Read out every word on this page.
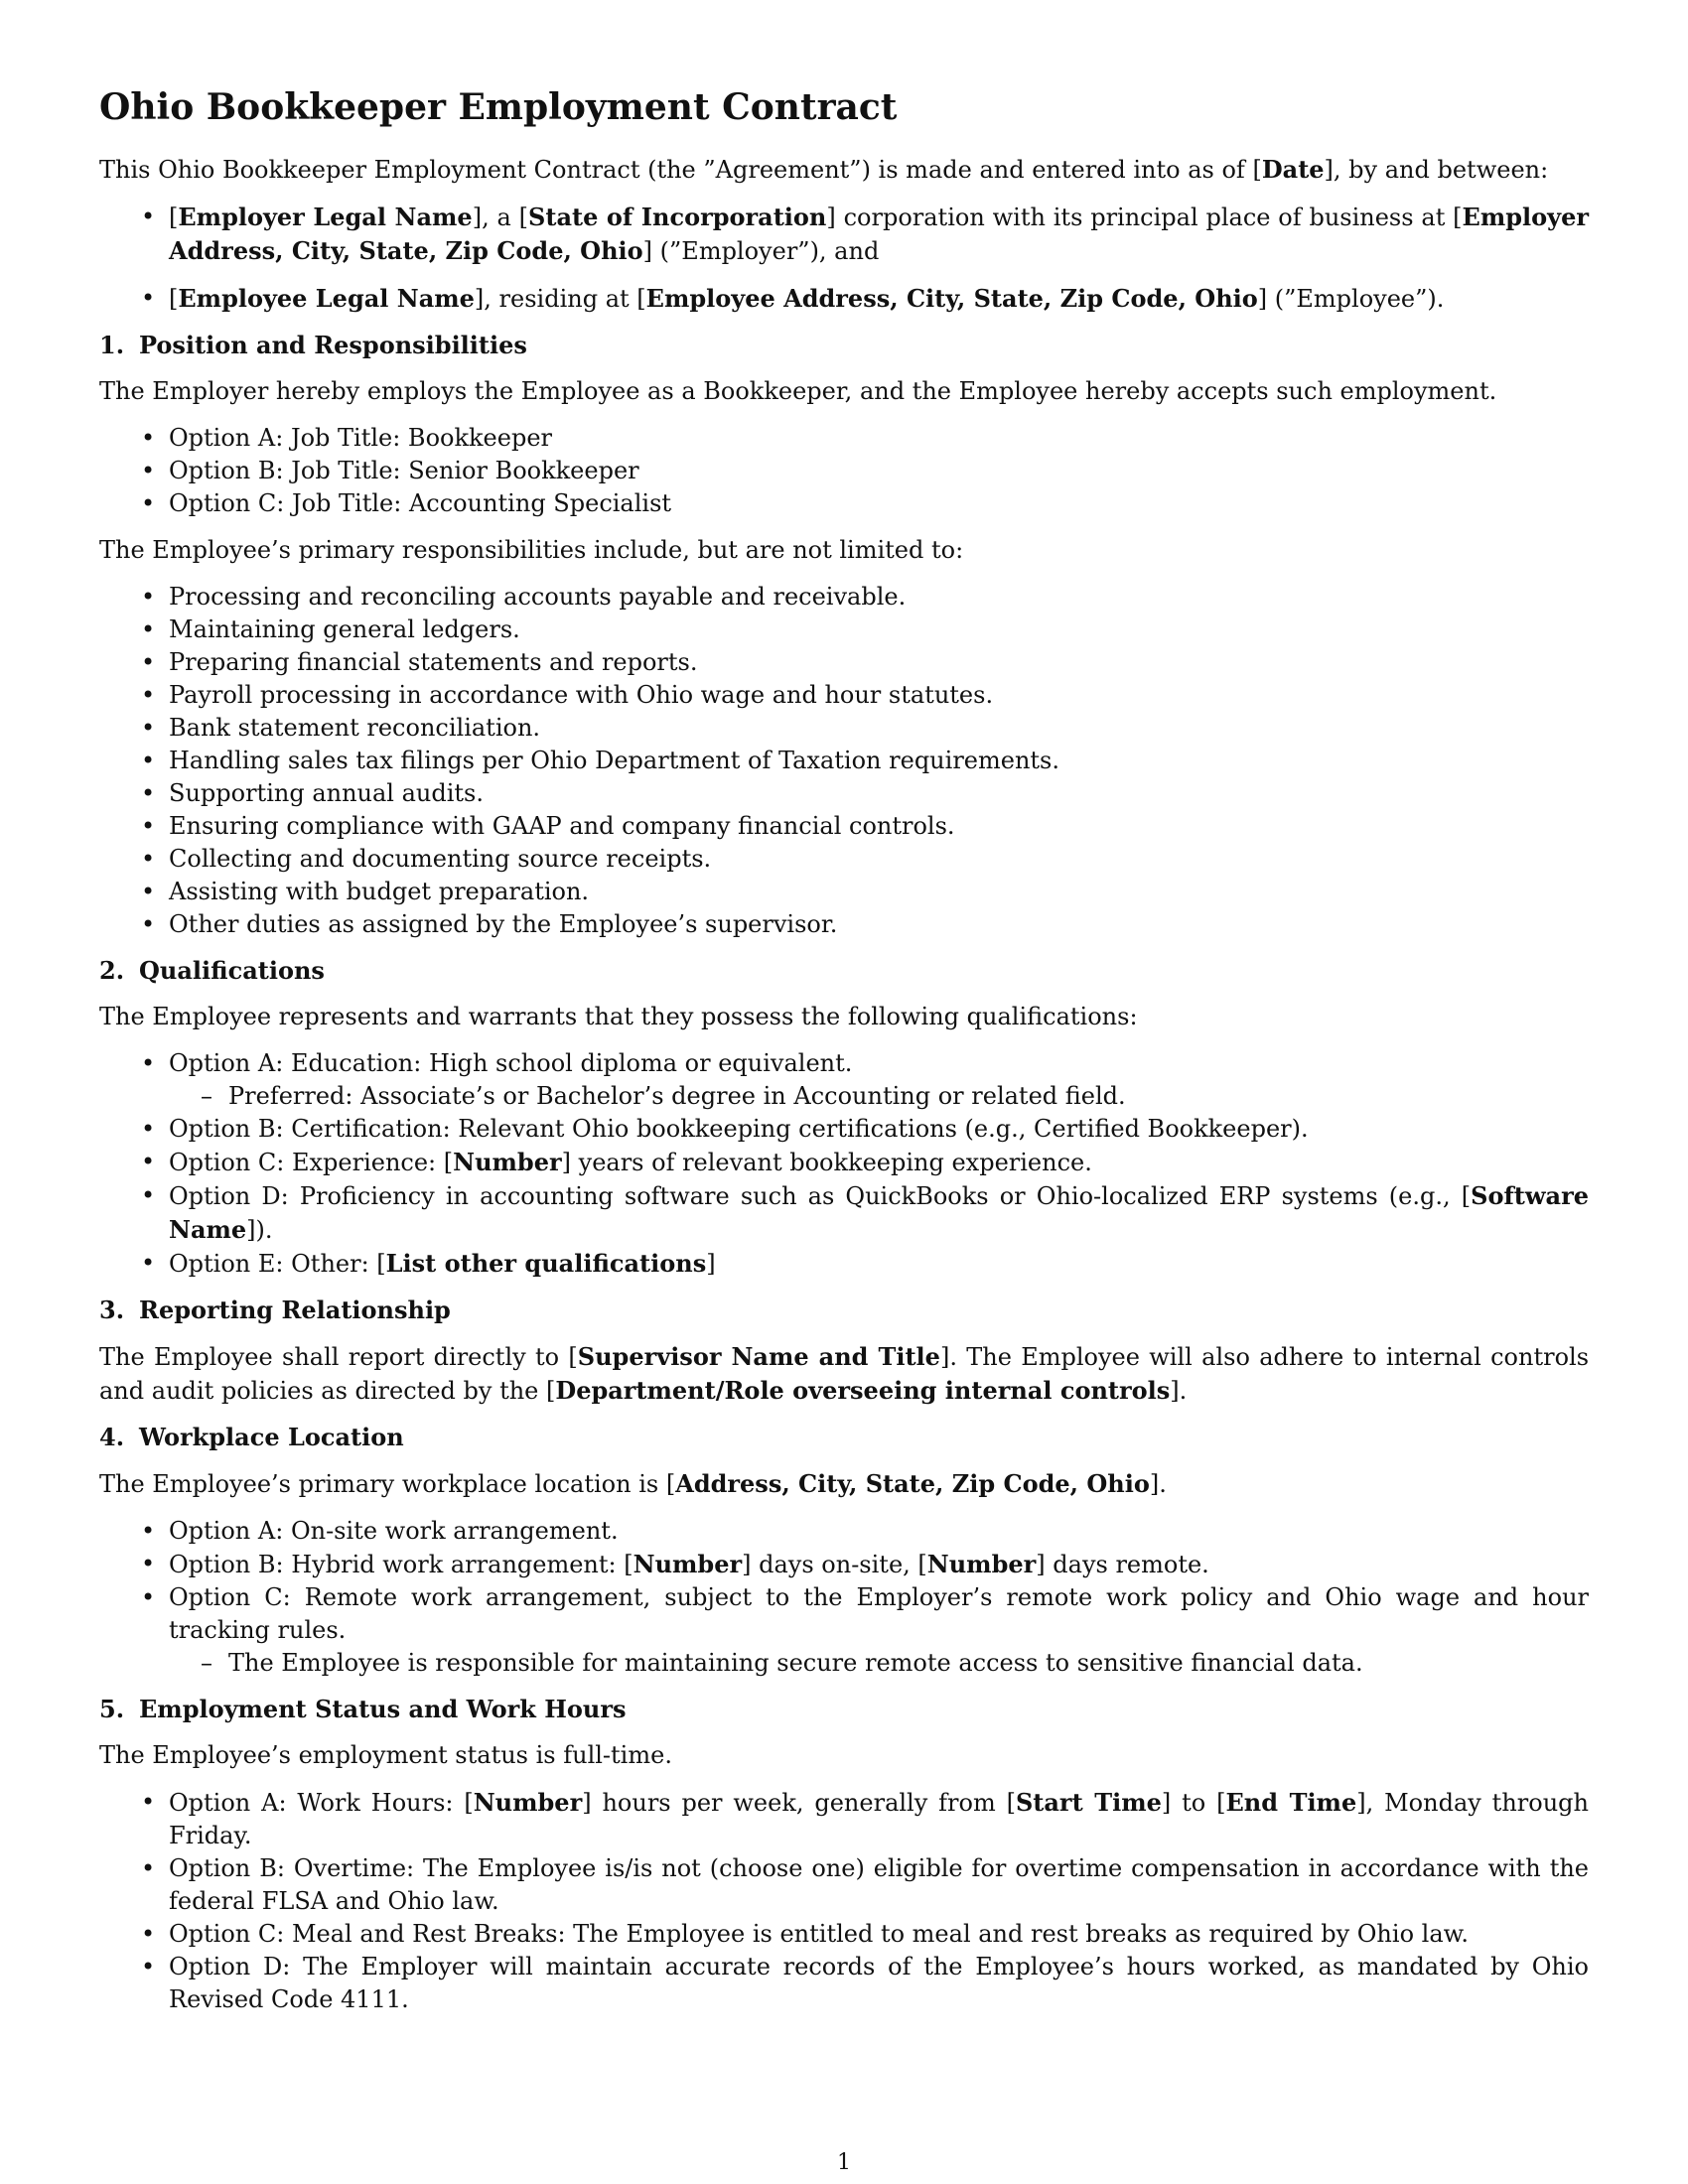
Ohio Bookkeeper Employment Contract

This Ohio Bookkeeper Employment Contract (the ”Agreement”) is made and entered into as of [Date], by and between:

• [Employer Legal Name], a [State of Incorporation] corporation with its principal place of business at [Employer Address, City, State, Zip Code, Ohio] (”Employer”), and
• [Employee Legal Name], residing at [Employee Address, City, State, Zip Code, Ohio] (”Employee”).
1. Position and Responsibilities

The Employer hereby employs the Employee as a Bookkeeper, and the Employee hereby accepts such employment.

• Option A: Job Title: Bookkeeper
• Option B: Job Title: Senior Bookkeeper
• Option C: Job Title: Accounting Specialist

The Employee’s primary responsibilities include, but are not limited to:

• Processing and reconciling accounts payable and receivable.
• Maintaining general ledgers.
• Preparing financial statements and reports.
• Payroll processing in accordance with Ohio wage and hour statutes.
• Bank statement reconciliation.
• Handling sales tax filings per Ohio Department of Taxation requirements.
• Supporting annual audits.
• Ensuring compliance with GAAP and company financial controls.
• Collecting and documenting source receipts.
• Assisting with budget preparation.
• Other duties as assigned by the Employee’s supervisor.
2. Qualifications

The Employee represents and warrants that they possess the following qualifications:

• Option A: Education: High school diploma or equivalent.
– Preferred: Associate’s or Bachelor’s degree in Accounting or related field.
• Option B: Certification: Relevant Ohio bookkeeping certifications (e.g., Certified Bookkeeper).
• Option C: Experience: [Number] years of relevant bookkeeping experience.
• Option D: Proficiency in accounting software such as QuickBooks or Ohio-localized ERP systems (e.g., [Software Name]).
• Option E: Other: [List other qualifications]
3. Reporting Relationship

The Employee shall report directly to [Supervisor Name and Title]. The Employee will also adhere to internal controls and audit policies as directed by the [Department/Role overseeing internal controls].

4. Workplace Location

The Employee’s primary workplace location is [Address, City, State, Zip Code, Ohio].

• Option A: On-site work arrangement.
• Option B: Hybrid work arrangement: [Number] days on-site, [Number] days remote.
• Option C: Remote work arrangement, subject to the Employer’s remote work policy and Ohio wage and hour tracking rules.
– The Employee is responsible for maintaining secure remote access to sensitive financial data.
5. Employment Status and Work Hours

The Employee’s employment status is full-time.

• Option A: Work Hours: [Number] hours per week, generally from [Start Time] to [End Time], Monday through Friday.
• Option B: Overtime: The Employee is/is not (choose one) eligible for overtime compensation in accordance with the federal FLSA and Ohio law.
• Option C: Meal and Rest Breaks: The Employee is entitled to meal and rest breaks as required by Ohio law.
• Option D: The Employer will maintain accurate records of the Employee’s hours worked, as mandated by Ohio Revised Code 4111.
1
